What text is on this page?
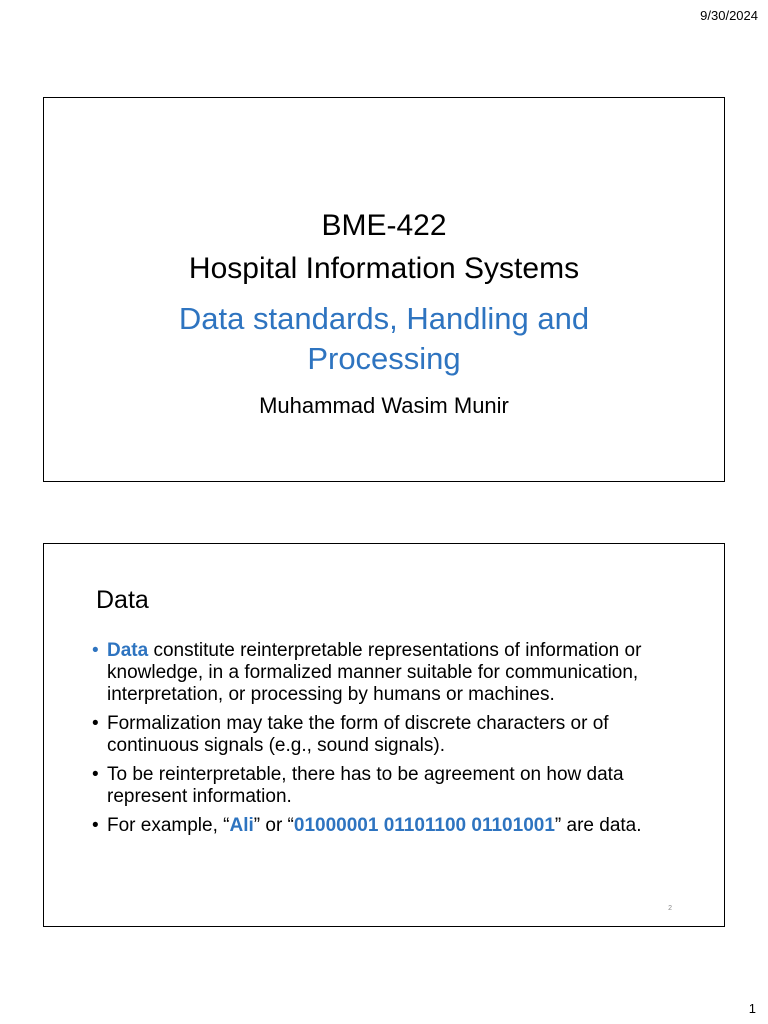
9/30/2024
BME-422
Hospital Information Systems
Data standards, Handling and Processing
Muhammad Wasim Munir
Data
• Data constitute reinterpretable representations of information or knowledge, in a formalized manner suitable for communication, interpretation, or processing by humans or machines.
• Formalization may take the form of discrete characters or of continuous signals (e.g., sound signals).
• To be reinterpretable, there has to be agreement on how data represent information.
• For example, “Ali” or “01000001 01101100 01101001” are data.
2
1
